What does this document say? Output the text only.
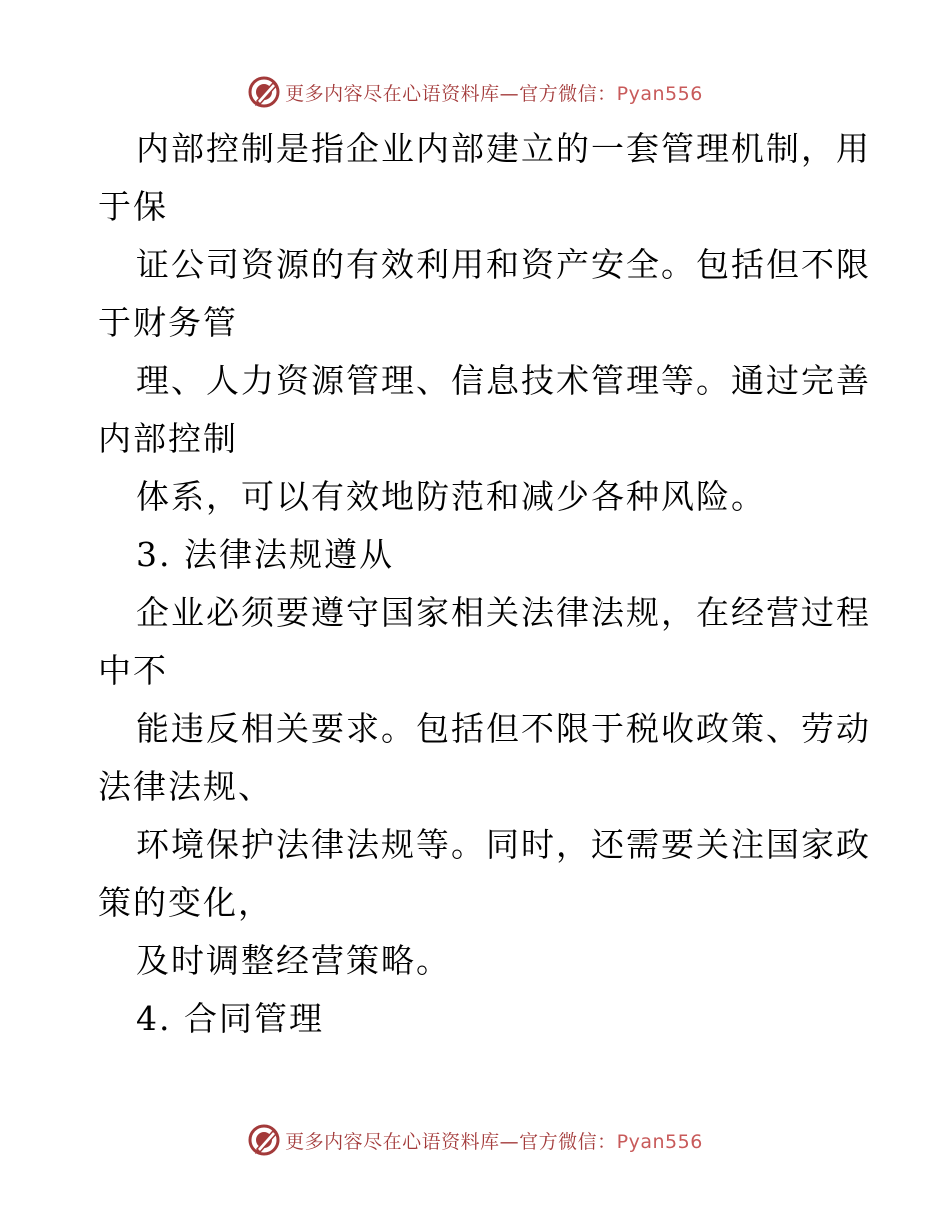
更多内容尽在心语资料库—官方微信：Pyan556
内部控制是指企业内部建立的一套管理机制，用
于保
证公司资源的有效利用和资产安全。包括但不限
于财务管
理、人力资源管理、信息技术管理等。通过完善
内部控制
体系，可以有效地防范和减少各种风险。
3. 法律法规遵从
企业必须要遵守国家相关法律法规，在经营过程
中不
能违反相关要求。包括但不限于税收政策、劳动
法律法规、
环境保护法律法规等。同时，还需要关注国家政
策的变化，
及时调整经营策略。
4. 合同管理
更多内容尽在心语资料库—官方微信：Pyan556
